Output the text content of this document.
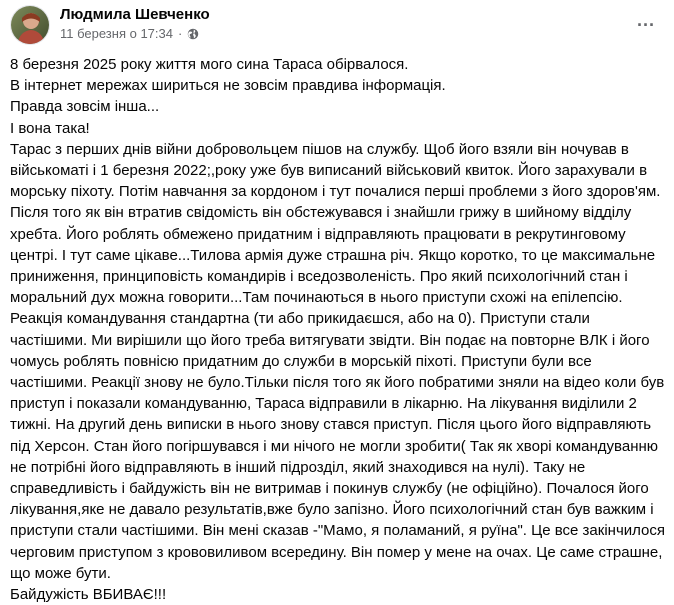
Людмила Шевченко
11 березня о 17:34 ·	···

8 березня 2025 року життя мого сина Тараса обірвалося.
В інтернет мережах шириться не зовсім правдива інформація.
Правда зовсім інша...
І вона така!

Тарас з перших днів війни добровольцем пішов на службу. Щоб його взяли він ночував в військоматі і 1 березня 2022;,року уже був виписаний військовий квиток. Його зарахували в морську піхоту. Потім навчання за кордоном і тут почалися перші проблеми з його здоров'ям. Після того як він втратив свідомість він обстежувався і знайшли грижу в шийному відділу хребта. Його роблять обмежено придатним і відправляють працювати в рекрутинговому центрі. І тут саме цікаве...Тилова армія дуже страшна річ. Якщо коротко, то це максимальне приниження, принциповість командирів і вседозволеність. Про який психологічний стан і моральний дух можна говорити...Там починаються в нього приступи схожі на епілепсію. Реакція командування стандартна (ти або прикидаєшся, або на 0). Приступи стали частішими. Ми вирішили що його треба витягувати звідти. Він подає на повторне ВЛК і його чомусь роблять повнісю придатним до служби в морській піхоті. Приступи були все частішими. Реакції знову не було.Тільки після того як його побратими зняли на відео коли був приступ і показали командуванню, Тараса відправили в лікарню. На лікування виділили 2 тижні. На другий день виписки в нього знову стався приступ. Після цього його відправляють під Херсон. Стан його погіршувався і ми нічого не могли зробити( Так як хворі командуванню не потрібні його відправляють в інший підрозділ, який знаходився на нулі). Таку не справедливість і байдужість він не витримав і покинув службу (не офіційно). Почалося його лікування,яке не давало результатів,вже було запізно. Його психологічний стан був важким і приступи стали частішими. Він мені сказав -"Мамо, я поламаний, я руїна". Це все закінчилося черговим приступом з крововиливом всередину. Він помер у мене на очах. Це саме страшне, що може бути.
Байдужість ВБИВАЄ!!!
